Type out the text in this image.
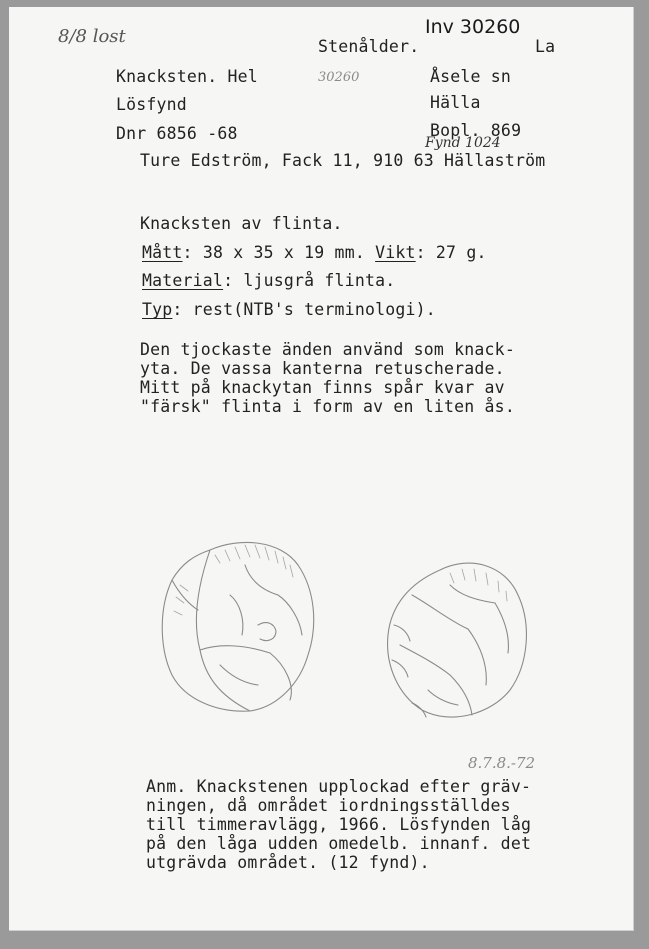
8/8 lost	Inv 30260
30260
Fynd 1024
8.7.8.-72
Stenålder.	La
Knacksten. Hel	Åsele sn
Lösfynd	Hälla
Dnr 6856 -68	Bopl. 869
Ture Edström, Fack 11, 910 63 Hällaström
Knacksten av flinta.
Mått: 38 x 35 x 19 mm. Vikt: 27 g.
Material: ljusgrå flinta.
Typ: rest(NTB's terminologi).
Den tjockaste änden använd som knack-
yta. De vassa kanterna retuscherade.
Mitt på knackytan finns spår kvar av
"färsk" flinta i form av en liten ås.
Anm. Knackstenen upplockad efter gräv-
ningen, då området iordningsställdes
till timmeravlägg, 1966. Lösfynden låg
på den låga udden omedelb. innanf. det
utgrävda området. (12 fynd).
